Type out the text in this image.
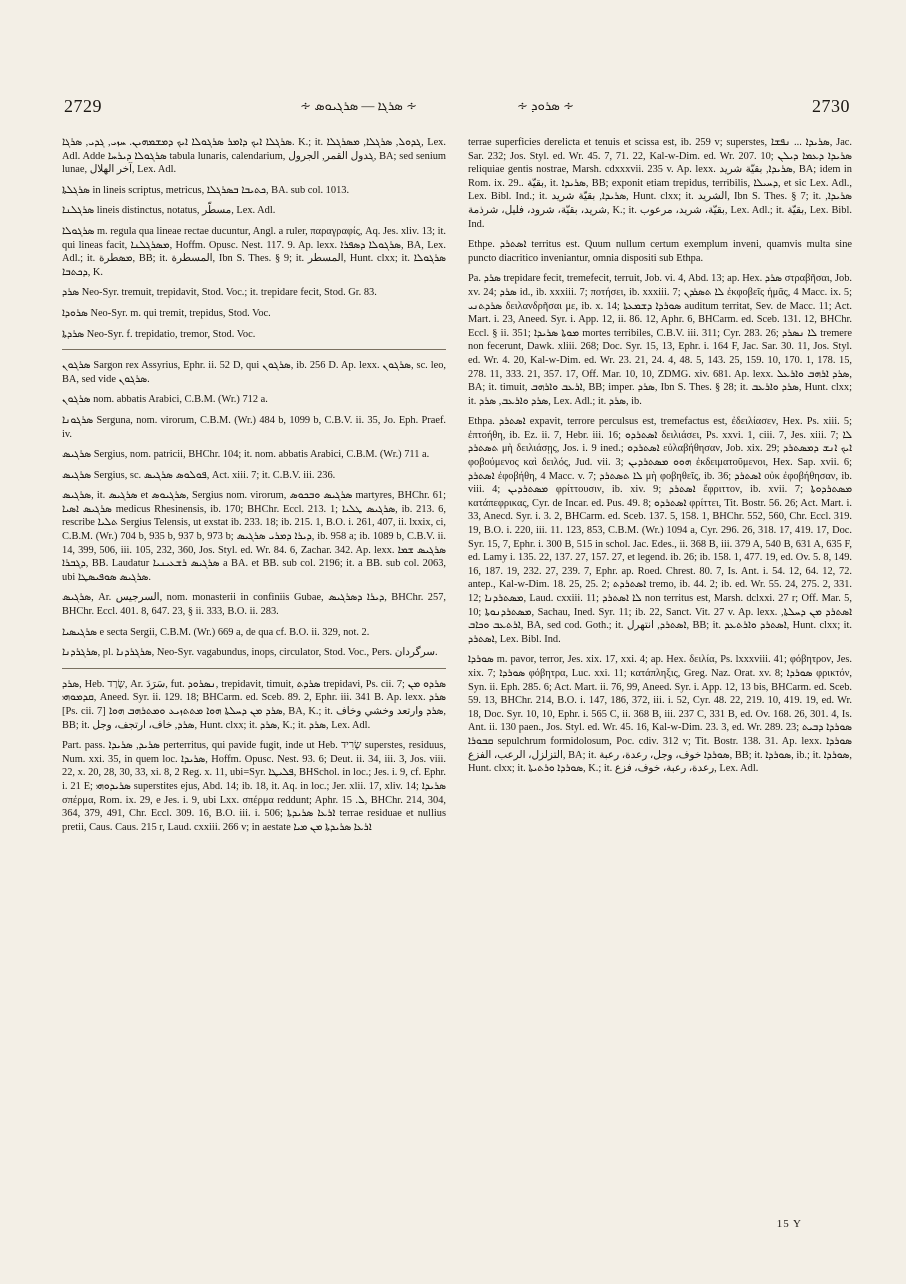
2729	∻ ܣܪܓܐ ― ܣܪܓܝܘܣ ∻	∻ ܣܪܘܕ ∻	2730

ܣܪܓܠܐ ܐܝܟ ܕܐܡܪ ܣܪܓܘܠܐ ܐܝܟ ܕܡܫܡܗܝܢ. ܚܙܝ, ܓܕܝ, ܣܪܓܐ. K.; it. ܓܕܘܠ, ܣܪܓܠܐ, ܡܣܪܓܠܐ, Lex. Adl. Adde ܣܪܓܘܠܐ ܕܝܪܚܐ tabula lunaris, calendarium, ܓدول القمر, الجرول, BA; sed senium lunae, آخر الهلال, Lex. Adl.

ܣܪܓܠܬܐ in lineis scriptus, metricus, ܟܬܝܒܐ ܒܣܪܓܠܐ, BA. sub col. 1013.

ܣܪܓܠܢܐ lineis distinctus, notatus, مسطّر, Lex. Adl.

ܣܪܓܘܠܐ m. regula qua lineae rectae ducuntur, Angl. a ruler, παραγραφίς, Aq. Jes. xliv. 13; it. qui lineas facit, ܡܣܪܓܠܢܐ, Hoffm. Opusc. Nest. 117. 9. Ap. lexx. ܣܪܓܘܠܐ ܕܣܦܪܐ, BA, Lex. Adl.; it. ܡܣطرة, BB; it. المسطرة, Ibn S. Thes. § 9; it. المسطر, Hunt. clxx; it. ܣܪܓܘܠܐ ܕܟܬܒܐ, K.

ܣܪܕ Neo-Syr. tremuit, trepidavit, Stod. Voc.; it. trepidare fecit, Stod. Gr. 83.

ܣܪܘܕܐ Neo-Syr. m. qui tremit, trepidus, Stod. Voc.

ܣܪܕܬܐ Neo-Syr. f. trepidatio, tremor, Stod. Voc.

ܣܪܓܘܢ Sargon rex Assyrius, Ephr. ii. 52 D, qui ܣܪܓܘܢ, ib. 256 D. Ap. lexx. ܣܪܓܘܢ, sc. leo, BA, sed vide ܣܪܓܘܢ.

ܣܪܓܘܢ nom. abbatis Arabici, C.B.M. (Wr.) 712 a.

ܣܪܓܘܢܐ Serguna, nom. virorum, C.B.M. (Wr.) 484 b, 1099 b, C.B.V. ii. 35, Jo. Eph. Praef. iv.

ܣܪܓܝܣ Sergius, nom. patricii, BHChr. 104; it. nom. abbatis Arabici, C.B.M. (Wr.) 711 a.

ܣܪܓܝܣ Sergius, sc. ܦܘܠܘܣ ܣܪܓܝܣ, Act. xiii. 7; it. C.B.V. iii. 236.

ܣܪܓܝܣ, it. ܣܪܓܝܣ et ܣܪܓܝܘܣ, Sergius nom. virorum, ܣܪܓܝܣ ܘܒܟܘܣ martyres, BHChr. 61; ܣܪܓܝܣ ܐܣܝܐ medicus Rhesinensis, ib. 170; BHChr. Eccl. 213. 1; ܣܪܓܝܣ ܛܠܝܐ, ib. 213. 6, rescribe ܬܠܝܐ Sergius Telensis, ut exstat ib. 233. 18; ib. 215. 1, B.O. i. 261, 407, ii. lxxix, ci, C.B.M. (Wr.) 704 b, 935 b, 937 b, 973 b; ܕܝܪܐ ܕܡܪܝ ܣܪܓܝܣ, ib. 958 a; ib. 1089 b, C.B.V. ii. 14, 399, 506, iii. 105, 232, 360, Jos. Styl. ed. Wr. 84. 6, Zachar. 342. Ap. lexx. ܣܪܓܝܣ ܫܡܐ ܕܓܒܪܐ, BB. Laudatur ܣܪܓܝܣ ܪܫܥܝܢܝܐ a BA. et BB. sub col. 2196; it. a BB. sub col. 2063, ubi ܣܪܓܝܣ ܣܘܦܝܣܛܐ.

ܣܪܓܝܣ, Ar. السرجيس, nom. monasterii in confiniis Gubae, ܕܝܪܐ ܕܣܪܓܝܣ, BHChr. 257, BHChr. Eccl. 401. 8, 647. 23, § ii. 333, B.O. ii. 283.

ܣܪܓܝܣܝܐ e secta Sergii, C.B.M. (Wr.) 669 a, de qua cf. B.O. ii. 329, not. 2.

ܣܪܓܪܕܢܐ, pl. ܣܪܓܪܕܢܐ, Neo-Syr. vagabundus, inops, circulator, Stod. Voc., Pers. سرگردان.

ܣܪܕ, Heb. שָׂרַד, Ar. سَرَدَ, fut. ܢܣܪܘܕ, trepidavit, timuit, ܣܪܕܬ trepidavi, Ps. cii. 7; ܣܪܕܘ ܡܢ ܩܕܡܘܗܝ, Aneed. Syr. ii. 129. 18; BHCarm. ed. Sceb. 89. 2, Ephr. iii. 341 B. Ap. lexx. ܣܪܕ [Ps. cii. 7] ܣܪܕ ܡܢ ܕܚܠܬܐ ܗܘܐ ܡܬܬܙܝܥ ܘܡܬܪܗܒ ܗܘܐ, BA, K.; it. ܣܪܕ وارتعد وخشي وخاف, BB; it. ܣܪܕ, خاف، ارتجف، وجل, Hunt. clxx; it. ܣܪܕ, K.; it. ܣܪܕ, Lex. Adl.

Part. pass. ܣܪܝܕ, ܣܪܝܕܐ perterritus, qui pavide fugit, inde ut Heb. שָׂרִיד superstes, residuus, Num. xxi. 35, in quem loc. ܣܪܝܕܐ, Hoffm. Opusc. Nest. 93. 6; Deut. ii. 34, iii. 3, Jos. viii. 22, x. 20, 28, 30, 33, xi. 8, 2 Reg. x. 11, ubi=Syr. ܦܠܝܛܐ, BHSchol. in loc.; Jes. i. 9, cf. Ephr. i. 21 E; ܣܪܝܕܘܗܝ superstites ejus, Abd. 14; ib. 18, it. Aq. in loc.; Jer. xlii. 17, xliv. 14; ܣܪܝܕܐ σπέρμα, Rom. ix. 29, e Jes. i. 9, ubi Lxx. σπέρμα reddunt; Aphr. ܠ. 15, BHChr. 214, 304, 364, 379, 491, Chr. Eccl. 309. 16, B.O. iii. i. 506; ܐܪܥܐ ܣܪܝܕܬܐ terrae residuae et nullius pretii, Caus. Caus. 215 r, Laud. cxxiii. 266 v; in aestate ܐܪܥܐ ܣܪܝܕܬܐ ܡܢ ܡܝܐ

terrae superficies derelicta et tenuis et scissa est, ib. 259 v; superstes, ܣܪܝܕܐ ... ܢܦܫܐ, Jac. Sar. 232; Jos. Styl. ed. Wr. 45. 7, 71. 22, Kal-w-Dim. ed. Wr. 207. 10; ܣܪܝܕܐ ܕܥܡܐ ܕܝܠܢ reliquiae gentis nostrae, Marsh. cdxxxvii. 235 v. Ap. lexx. ܣܪܝܕܐ, بقيّة شريد, BA; idem in Rom. ix. 29.. بقيّة, it. ܣܪܝܕܐ, BB; exponit etiam trepidus, terribilis, ܕܚܝܠܐ, et sic Lex. Adl., Lex. Bibl. Ind.; it. ܣܪܝܕܐ, بقيّة شريد, Hunt. clxx; it. الشريد, Ibn S. Thes. § 7; it. ܣܪܝܕܐ, شريد، بقيّة، شرود، فليل، شرذمة, K.; it. بقيّة، شريد، مرعوب, Lex. Adl.; it. بقيّة, Lex. Bibl. Ind.

Ethpe. ܐܣܬܪܕ territus est. Quum nullum certum exemplum inveni, quamvis multa sine puncto diacritico inveniantur, omnia dispositi sub Ethpa.

Pa. ܣܪܕ trepidare fecit, tremefecit, terruit, Job. vi. 4, Abd. 13; ap. Hex. ܣܪܕ στραβῆσαι, Job. xv. 24; ܣܪܕ id., ib. xxxiii. 7; ποτήσει, ib. xxxiii. 7; ܠܐ ܬܣܪܕܢ ἐκφοβεῖς ἡμᾶς, 4 Macc. ix. 5; ܣܪܕܬܢܝ δειλανδρῆσαι με, ib. x. 14; ܣܘܪܕܐ ܕܫܡܥܬܐ auditum territat, Sev. de Macc. 11; Act. Mart. i. 23, Aneed. Syr. i. App. 12, ii. 86. 12, Aphr. 6, BHCarm. ed. Sceb. 131. 12, BHChr. Eccl. § ii. 351; ܡܘܬܐ ܣܪܝܕܐ mortes terribiles, C.B.V. iii. 311; Cyr. 283. 26; ܠܐ ܢܣܪܕ tremere non fecerunt, Dawk. xliii. 268; Doc. Syr. 15, 13, Ephr. i. 164 F, Jac. Sar. 30. 11, Jos. Styl. ed. Wr. 4. 20, Kal-w-Dim. ed. Wr. 23. 21, 24. 4, 48. 5, 143. 25, 159. 10, 170. 1, 178. 15, 278. 11, 333. 21, 357. 17, Off. Mar. 10, 10, ZDMG. xiv. 681. Ap. lexx. ܣܪܕ ܐܪܗܒ ܘܐܪܥܠ, BA; it. timuit, ܐܪܥܒ ܘܐܪܗܒ, BB; imper. ܣܪܕ, Ibn S. Thes. § 28; it. ܣܪܕ ܘܐܪܥܒ, Hunt. clxx; it. ܣܪܕ ܘܐܪܥܒ, ܣܪܕ, Lex. Adl.; it. ܣܪܕ, ib.

Ethpa. ܐܣܬܪܕ expavit, terrore perculsus est, tremefactus est, ἐδειλίασεν, Hex. Ps. xiii. 5; ἐπτοήθη, ib. Ez. ii. 7, Hebr. iii. 16; ܐܣܬܪܕܘ δειλιάσει, Ps. xxvi. 1, ciii. 7, Jes. xiii. 7; ܠܐ ܬܣܬܪܕ μὴ δειλιάσῃς, Jos. i. 9 ined.; ܐܣܬܪܕܘ εὐλαβήθησαν, Job. xix. 29; ܐܝܟ ܐܢܫ ܕܡܣܬܪܕ φοβούμενος καὶ δειλός, Jud. vii. 3; ܗܘܘ ܡܣܬܪܕܝܢ ἐκδειματοῦμενοι, Hex. Sap. xvii. 6; ܐܣܬܪܕ ἐφοβήθη, 4 Macc. v. 7; ܠܐ ܬܣܬܪܕ μὴ φοβηθεῖς, ib. 36; ܐܣܬܪܕ οὐκ ἐφοβήθησαν, ib. viii. 4; ܡܣܬܪܕܝܢ φρίττουσιν, ib. xiv. 9; ܐܣܬܪܕ ἔφριττον, ib. xvii. 7; ܡܣܬܪܕܘܬܐ κατάπεφρικας, Cyr. de Incar. ed. Pus. 49. 8; ܐܣܬܪܕܘ φρίττει, Tit. Bostr. 56. 26; Act. Mart. i. 33, Anecd. Syr. i. 3. 2, BHCarm. ed. Sceb. 137. 5, 158. 1, BHChr. 552, 560, Chr. Eccl. 319. 19, B.O. i. 220, iii. 11. 123, 853, C.B.M. (Wr.) 1094 a, Cyr. 296. 26, 318. 17, 419. 17, Doc. Syr. 15, 7, Ephr. i. 300 B, 515 in schol. Jac. Edes., ii. 368 B, iii. 379 A, 540 B, 631 A, 635 F, ed. Lamy i. 135. 22, 137. 27, 157. 27, et legend. ib. 26; ib. 158. 1, 477. 19, ed. Ov. 5. 8, 149. 16, 187. 19, 232. 27, 239. 7, Ephr. ap. Roed. Chrest. 80. 7, Is. Ant. i. 54. 12, 64. 12, 72. antep., Kal-w-Dim. 18. 25, 25. 2; ܐܣܬܪܕܬ tremo, ib. 44. 2; ib. ed. Wr. 55. 24, 275. 2, 331. 12; ܡܣܬܪܕܢܐ, Laud. cxxiii. 11; ܠܐ ܐܣܬܪܕ non territus est, Marsh. dclxxi. 27 r; Off. Mar. 5, 10; ܡܣܬܪܕܢܘܬܐ, Sachau, Ined. Syr. 11; ib. 22, Sanct. Vit. 27 v. Ap. lexx. ܐܣܬܪܕ ܡܢ ܕܚܠܬܐ, ܐܪܬܥܒ ܘܟܐܒ, BA, sed cod. Goth.; it. ܐܣܬܪܕ, انتهرل, BB; it. ܐܣܬܪܕ ܘܐܪܬܥܕ, Hunt. clxx; it. ܐܣܬܪܕ, Lex. Bibl. Ind.

ܣܘܪܕܐ m. pavor, terror, Jes. xix. 17, xxi. 4; ap. Hex. δειλία, Ps. lxxxviii. 41; φόβητρον, Jes. xix. 7; ܣܘܪܕܐ φόβητρα, Luc. xxi. 11; κατάπληξις, Greg. Naz. Orat. xv. 8; ܣܘܪܕܐ φρικτόν, Syn. ii. Eph. 285. 6; Act. Mart. ii. 76, 99, Aneed. Syr. i. App. 12, 13 bis, BHCarm. ed. Sceb. 59. 13, BHChr. 214, B.O. i. 147, 186, 372, iii. i. 52, Cyr. 48. 22, 219. 10, 419. 19, ed. Wr. 18, Doc. Syr. 10, 10, Ephr. i. 565 C, ii. 368 B, iii. 237 C, 331 B, ed. Ov. 168. 26, 301. 4, Is. Ant. ii. 130 paen., Jos. Styl. ed. Wr. 45. 16, Kal-w-Dim. 23. 3, ed. Wr. 289. 23; ܣܘܪܕܐ ܕܒܝܬ ܩܒܘܪܐ sepulchrum formidolosum, Poc. cdiv. 312 v; Tit. Bostr. 138. 31. Ap. lexx. ܣܘܪܕܐ التزلزل، الرعب، الفزع, BA; it. ܣܘܪܕܐ خوف، وجل، رعدة، رعبة, BB; it. ܣܘܪܕܐ, ib.; it. ܣܘܪܕܐ, Hunt. clxx; it. ܣܘܪܕܐ ܘܪܬܝܬܐ, K.; it. رعدة، رعبة، خوف، فزع, Lex. Adl.

15 Y
